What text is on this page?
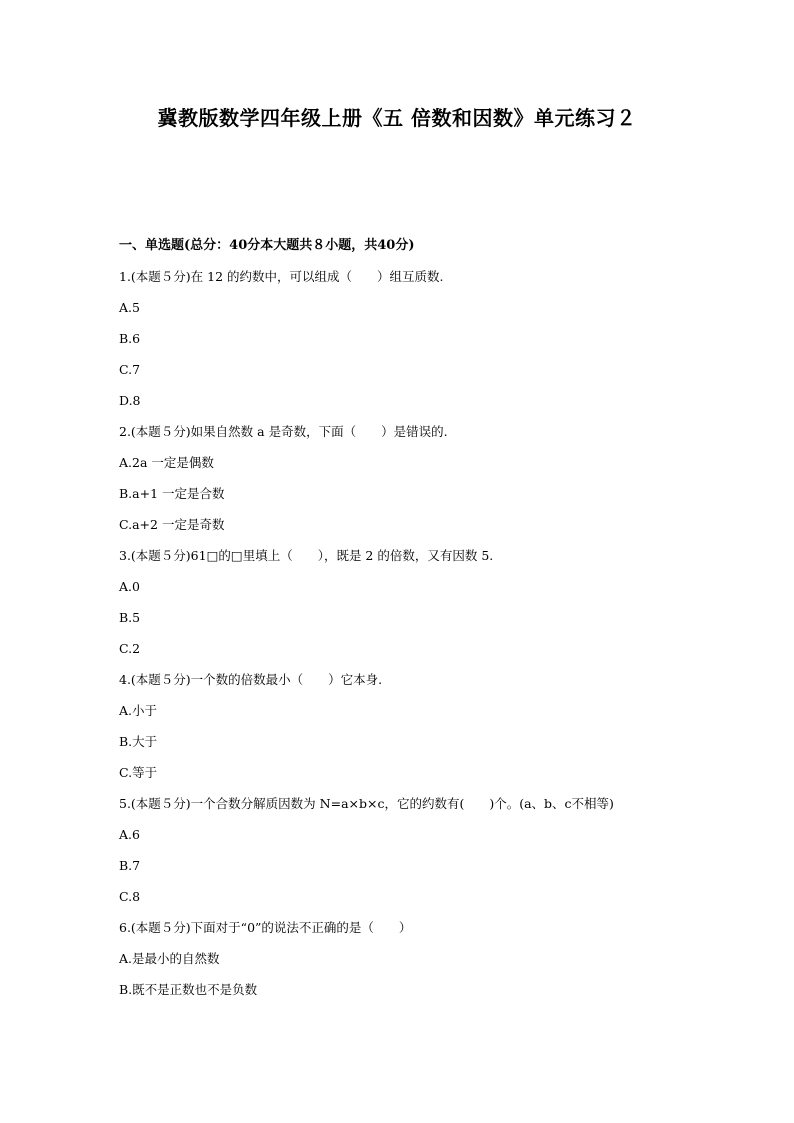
冀教版数学四年级上册《五 倍数和因数》单元练习２
一、单选题(总分：40分本大题共８小题，共40分)
1.(本题５分)在 12 的约数中，可以组成（　　）组互质数.
A.5
B.6
C.7
D.8
2.(本题５分)如果自然数 a 是奇数，下面（　　）是错误的.
A.2a 一定是偶数
B.a+1 一定是合数
C.a+2 一定是奇数
3.(本题５分)61□的□里填上（　　），既是 2 的倍数，又有因数 5.
A.0
B.5
C.2
4.(本题５分)一个数的倍数最小（　　）它本身.
A.小于
B.大于
C.等于
5.(本题５分)一个合数分解质因数为 N=a×b×c，它的约数有(　　)个。(a、b、c不相等)
A.6
B.7
C.8
6.(本题５分)下面对于“0”的说法不正确的是（　　）
A.是最小的自然数
B.既不是正数也不是负数
